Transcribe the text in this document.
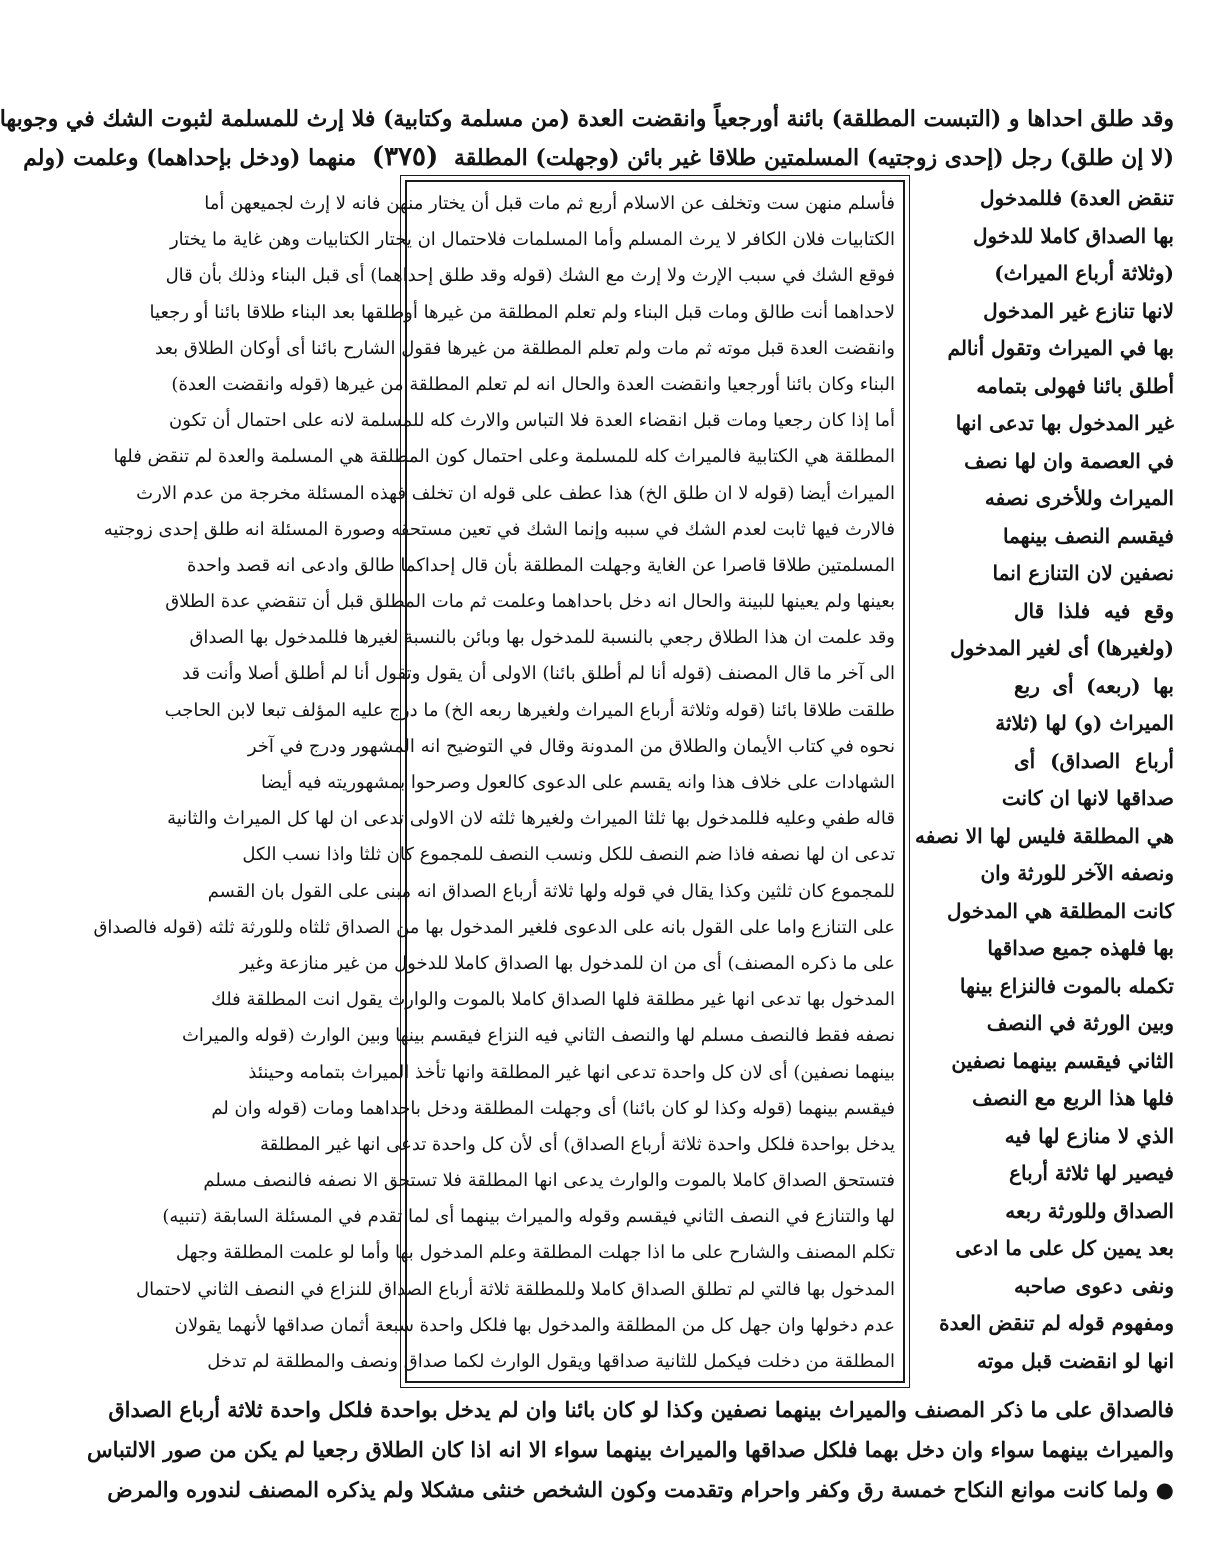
وقد طلق احداها و (التبست المطلقة) بائنة أورجعياً وانقضت العدة (من مسلمة وكتابية) فلا إرث للمسلمة لثبوت الشك في وجوبها
(لا إن طلق) رجل (إحدى زوجتيه) المسلمتين طلاقا غير بائن (وجهلت) المطلقة (٣٧٥) منهما (ودخل بإحداهما) وعلمت (ولم
تنقض العدة) فللمدخول
بها الصداق كاملا للدخول
(وثلاثة أرباع الميراث)
لانها تنازع غير المدخول
بها في الميراث وتقول أنالم
أطلق بائنا فهولى بتمامه
غير المدخول بها تدعى انها
في العصمة وان لها نصف
الميراث وللأخرى نصفه
فيقسم النصف بينهما
نصفين لان التنازع انما
وقع فيه فلذا قال
(ولغيرها) أى لغير المدخول
بها (ربعه) أى ربع
الميراث (و) لها (ثلاثة
أرباع الصداق) أى
صداقها لانها ان كانت
هي المطلقة فليس لها الا نصفه
ونصفه الآخر للورثة وان
كانت المطلقة هي المدخول
بها فلهذه جميع صداقها
تكمله بالموت فالنزاع بينها
وبين الورثة في النصف
الثاني فيقسم بينهما نصفين
فلها هذا الربع مع النصف
الذي لا منازع لها فيه
فيصير لها ثلاثة أرباع
الصداق وللورثة ربعه
بعد يمين كل على ما ادعى
ونفى دعوى صاحبه
ومفهوم قوله لم تنقض العدة
انها لو انقضت قبل موته
فأسلم منهن ست وتخلف عن الاسلام أربع ثم مات قبل أن يختار منهن فانه لا إرث لجميعهن أما
الكتابيات فلان الكافر لا يرث المسلم وأما المسلمات فلاحتمال ان يختار الكتابيات وهن غاية ما يختار
فوقع الشك في سبب الإرث ولا إرث مع الشك (قوله وقد طلق إحداهما) أى قبل البناء وذلك بأن قال
لاحداهما أنت طالق ومات قبل البناء ولم تعلم المطلقة من غيرها أوطلقها بعد البناء طلاقا بائنا أو رجعيا
وانقضت العدة قبل موته ثم مات ولم تعلم المطلقة من غيرها فقول الشارح بائنا أى أوكان الطلاق بعد
البناء وكان بائنا أورجعيا وانقضت العدة والحال انه لم تعلم المطلقة من غيرها (قوله وانقضت العدة)
أما إذا كان رجعيا ومات قبل انقضاء العدة فلا التباس والارث كله للمسلمة لانه على احتمال أن تكون
المطلقة هي الكتابية فالميراث كله للمسلمة وعلى احتمال كون المطلقة هي المسلمة والعدة لم تنقض فلها
الميراث أيضا (قوله لا ان طلق الخ) هذا عطف على قوله ان تخلف فهذه المسئلة مخرجة من عدم الارث
فالارث فيها ثابت لعدم الشك في سببه وإنما الشك في تعين مستحقه وصورة المسئلة انه طلق إحدى زوجتيه
المسلمتين طلاقا قاصرا عن الغاية وجهلت المطلقة بأن قال إحداكما طالق وادعى انه قصد واحدة
بعينها ولم يعينها للبينة والحال انه دخل باحداهما وعلمت ثم مات المطلق قبل أن تنقضي عدة الطلاق
وقد علمت ان هذا الطلاق رجعي بالنسبة للمدخول بها وبائن بالنسبة لغيرها فللمدخول بها الصداق
الى آخر ما قال المصنف (قوله أنا لم أطلق بائنا) الاولى أن يقول وتقول أنا لم أطلق أصلا وأنت قد
طلقت طلاقا بائنا (قوله وثلاثة أرباع الميراث ولغيرها ربعه الخ) ما درج عليه المؤلف تبعا لابن الحاجب
نحوه في كتاب الأيمان والطلاق من المدونة وقال في التوضيح انه المشهور ودرج في آخر
الشهادات على خلاف هذا وانه يقسم على الدعوى كالعول وصرحوا بمشهوريته فيه أيضا
قاله طفي وعليه فللمدخول بها ثلثا الميراث ولغيرها ثلثه لان الاولى تدعى ان لها كل الميراث والثانية
تدعى ان لها نصفه فاذا ضم النصف للكل ونسب النصف للمجموع كان ثلثا واذا نسب الكل
للمجموع كان ثلثين وكذا يقال في قوله ولها ثلاثة أرباع الصداق انه مبنى على القول بان القسم
على التنازع واما على القول بانه على الدعوى فلغير المدخول بها من الصداق ثلثاه وللورثة ثلثه (قوله فالصداق
على ما ذكره المصنف) أى من ان للمدخول بها الصداق كاملا للدخول من غير منازعة وغير
المدخول بها تدعى انها غير مطلقة فلها الصداق كاملا بالموت والوارث يقول انت المطلقة فلك
نصفه فقط فالنصف مسلم لها والنصف الثاني فيه النزاع فيقسم بينها وبين الوارث (قوله والميراث
بينهما نصفين) أى لان كل واحدة تدعى انها غير المطلقة وانها تأخذ الميراث بتمامه وحينئذ
فيقسم بينهما (قوله وكذا لو كان بائنا) أى وجهلت المطلقة ودخل باحداهما ومات (قوله وان لم
يدخل بواحدة فلكل واحدة ثلاثة أرباع الصداق) أى لأن كل واحدة تدعى انها غير المطلقة
فتستحق الصداق كاملا بالموت والوارث يدعى انها المطلقة فلا تستحق الا نصفه فالنصف مسلم
لها والتنازع في النصف الثاني فيقسم وقوله والميراث بينهما أى لما تقدم في المسئلة السابقة (تنبيه)
تكلم المصنف والشارح على ما اذا جهلت المطلقة وعلم المدخول بها وأما لو علمت المطلقة وجهل
المدخول بها فالتي لم تطلق الصداق كاملا وللمطلقة ثلاثة أرباع الصداق للنزاع في النصف الثاني لاحتمال
عدم دخولها وان جهل كل من المطلقة والمدخول بها فلكل واحدة سبعة أثمان صداقها لأنهما يقولان
المطلقة من دخلت فيكمل للثانية صداقها ويقول الوارث لكما صداق ونصف والمطلقة لم تدخل
فالصداق على ما ذكر المصنف والميراث بينهما نصفين وكذا لو كان بائنا وان لم يدخل بواحدة فلكل واحدة ثلاثة أرباع الصداق
والميراث بينهما سواء وان دخل بهما فلكل صداقها والميراث بينهما سواء الا انه اذا كان الطلاق رجعيا لم يكن من صور الالتباس
● ولما كانت موانع النكاح خمسة رق وكفر واحرام وتقدمت وكون الشخص خنثى مشكلا ولم يذكره المصنف لندوره والمرض
